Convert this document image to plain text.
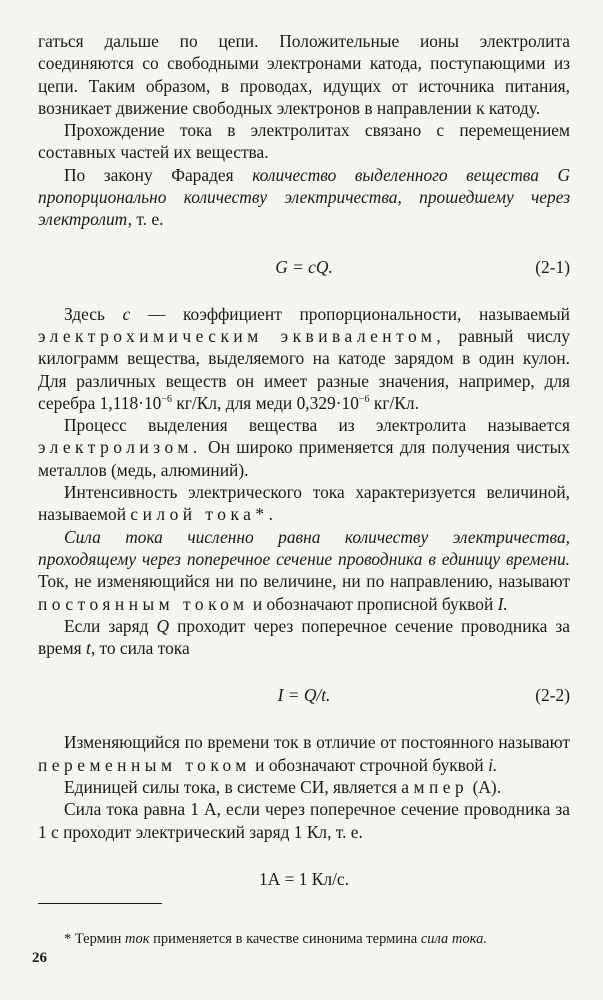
гаться дальше по цепи. Положительные ионы электролита соединяются со свободными электронами катода, поступающими из цепи. Таким образом, в проводах, идущих от источника питания, возникает движение свободных электронов в направлении к катоду.

Прохождение тока в электролитах связано с перемещением составных частей их вещества.

По закону Фарадея количество выделенного вещества G пропорционально количеству электричества, прошедшему через электролит, т. е.

G = cQ.	(2-1)

Здесь c — коэффициент пропорциональности, называемый электрохимическим эквивалентом, равный числу килограмм вещества, выделяемого на катоде зарядом в один кулон. Для различных веществ он имеет разные значения, например, для серебра $1,118\cdot 10^{-6}$ кг/Кл, для меди $0,329\cdot 10^{-6}$ кг/Кл.

Процесс выделения вещества из электролита называется электролизом. Он широко применяется для получения чистых металлов (медь, алюминий).

Интенсивность электрического тока характеризуется величиной, называемой силой тока*.

Сила тока численно равна количеству электричества, проходящему через поперечное сечение проводника в единицу времени. Ток, не изменяющийся ни по величине, ни по направлению, называют постоянным током и обозначают прописной буквой I.

Если заряд Q проходит через поперечное сечение проводника за время t, то сила тока

I = Q/t.	(2-2)

Изменяющийся по времени ток в отличие от постоянного называют переменным током и обозначают строчной буквой i.

Единицей силы тока, в системе СИ, является ампер (А).

Сила тока равна 1 А, если через поперечное сечение проводника за 1 с проходит электрический заряд 1 Кл, т. е.

1А = 1 Кл/с.

* Термин ток применяется в качестве синонима термина сила тока.

26
